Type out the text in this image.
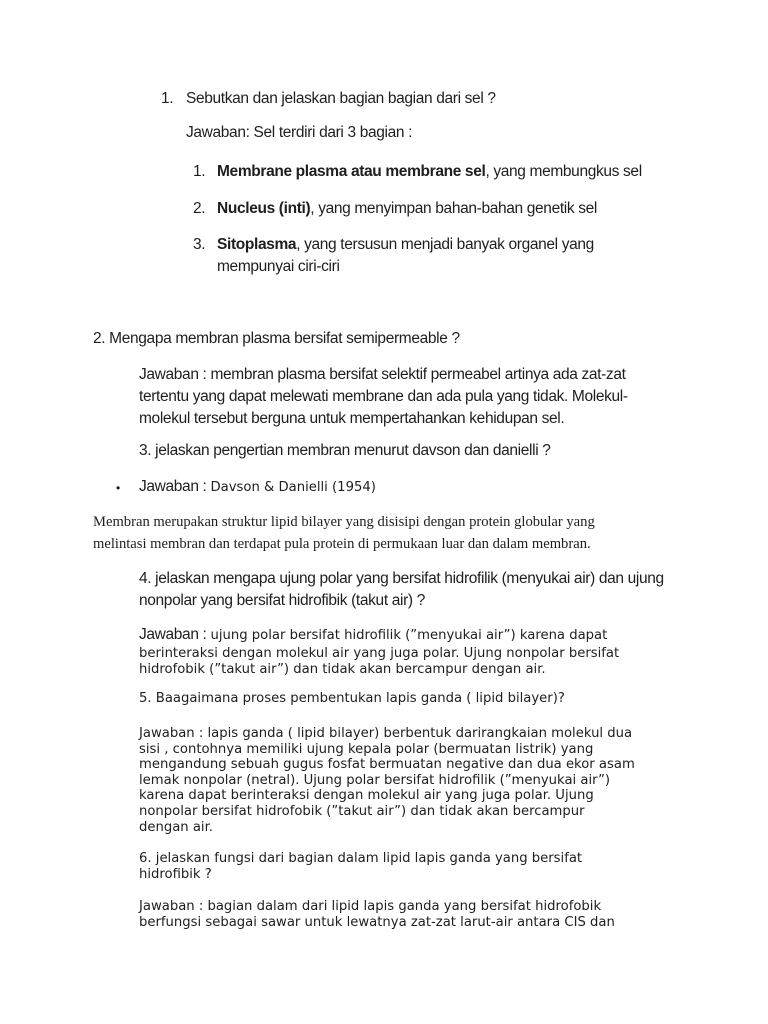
1. Sebutkan dan jelaskan bagian bagian dari sel ?
Jawaban: Sel terdiri dari 3 bagian :
1. Membrane plasma atau membrane sel, yang membungkus sel
2. Nucleus (inti), yang menyimpan bahan-bahan genetik sel
3. Sitoplasma, yang tersusun menjadi banyak organel yang
mempunyai ciri-ciri
2. Mengapa membran plasma bersifat semipermeable ?
Jawaban : membran plasma bersifat selektif permeabel artinya ada zat-zat
tertentu yang dapat melewati membrane dan ada pula yang tidak. Molekul-
molekul tersebut berguna untuk mempertahankan kehidupan sel.
3. jelaskan pengertian membran menurut davson dan danielli ?
• Jawaban : Davson & Danielli (1954)
Membran merupakan struktur lipid bilayer yang disisipi dengan protein globular yang
melintasi membran dan terdapat pula protein di permukaan luar dan dalam membran.
4. jelaskan mengapa ujung polar yang bersifat hidrofilik (menyukai air) dan ujung
nonpolar yang bersifat hidrofibik (takut air) ?
Jawaban : ujung polar bersifat hidrofilik (”menyukai air”) karena dapat
berinteraksi dengan molekul air yang juga polar. Ujung nonpolar bersifat
hidrofobik (”takut air”) dan tidak akan bercampur dengan air.
5. Baagaimana proses pembentukan lapis ganda ( lipid bilayer)?
Jawaban : lapis ganda ( lipid bilayer) berbentuk darirangkaian molekul dua
sisi , contohnya memiliki ujung kepala polar (bermuatan listrik) yang
mengandung sebuah gugus fosfat bermuatan negative dan dua ekor asam
lemak nonpolar (netral). Ujung polar bersifat hidrofilik (”menyukai air”)
karena dapat berinteraksi dengan molekul air yang juga polar. Ujung
nonpolar bersifat hidrofobik (”takut air”) dan tidak akan bercampur
dengan air.
6. jelaskan fungsi dari bagian dalam lipid lapis ganda yang bersifat
hidrofibik ?
Jawaban : bagian dalam dari lipid lapis ganda yang bersifat hidrofobik
berfungsi sebagai sawar untuk lewatnya zat-zat larut-air antara CIS dan
